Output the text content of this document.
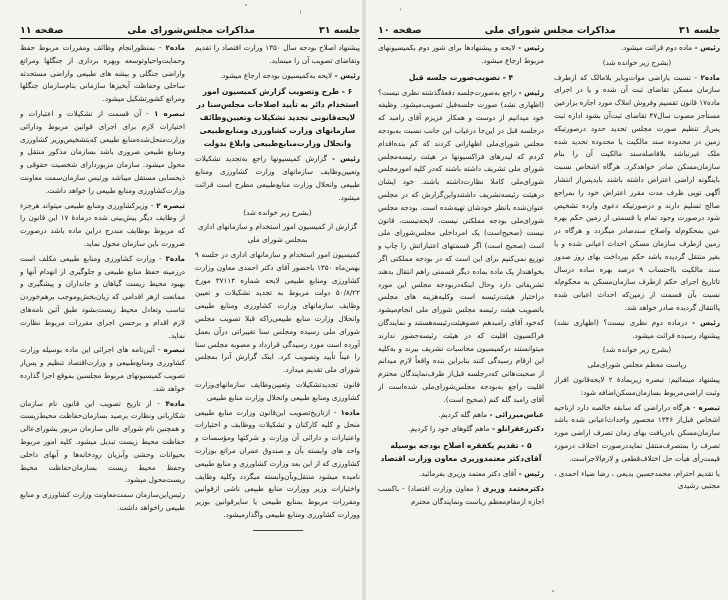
جلسه ۳۱
مذاکرات مجلس‌شورای ملی
صفحه ۱۱

پیشنهاد اصلاح بودجه سال ۱۳۵۰ وزارت اقتصاد را تقدیم وتقاضای تصویب آن را مینماید.

رئیس - لایحه به‌کمیسیون بودجه ارجاع میشود.

۶ - طرح وتصویب گزارش کمیسیون امور استخدام دائر به تأیید اصلاحات مجلس‌سنا در لایحه‌قانونی تجدید تشکیلات وتعیین‌وظائف سازمانهای وزارت کشاورزی ومنابع‌طبیعی وانحلال وزارت‌منابع‌طبیعی وابلاغ بدولت

رئیس - گزارش کمیسیونها راجع به‌تجدید تشکیلات وتعیین‌وظایف سازمانهای وزارت کشاورزی ومنابع طبیعی وانحلال وزارت منابع‌طبیعی مطرح است قرائت میشود.

(بشرح زیر خوانده شد)

گزارش از کمیسیون امور استخدام و سازمانهای اداری بمجلس شورای ملی

کمیسیون امور استخدام و سازمانهای اداری در جلسه ۹ بهمن‌ماه ۱۳۵۰ باحضور آقای دکتر احمدی معاون وزارت کشاورزی ومنابع طبیعی لایحه شماره ۳۷۱۱۴ مورخ ۵۰/۸/۲۲ دولت مربوط به تجدید تشکیلات و تعیین وظایف سازمانهای وزارت کشاورزی ومنابع طبیعی وانحلال وزارت منابع طبیعی‌راکه قبلا تصویب مجلس شورای ملی رسیده ومجلس سنا تغییراتی درآن بعمل آورده است مورد رسیدگی قرارداد و مصوبه مجلس سنا را عیناً تأیید وتصویب کرد. اینک گزارش آنرا بمجلس شورای ملی تقدیم میدارد.

قانون تجدیدتشکیلات وتعیین‌وظایف سازمانهای‌وزارت کشاورزی ومنابع طبیعی وانحلال وزارت منابع طبیعی

ماده۱ - ازتاریخ‌تصویب این‌قانون وزارت منابع طبیعی منحل و کلیه کارکنان و تشکیلات ووظایف و اختیارات واعتبارات و دارائی آن وزارت و شرکتها ومؤسسات و واحد های وابسته بآن و صندوق عمران مراتع بوزارت کشاورزی که از این بعد وزارت کشاورزی و منابع طبیعی نامیده میشود منتقل‌وبآن‌وابسته میگردد وکلیه وظایف واختیارات وزیر ووزارت منابع طبیعی ناشی ازقوانین ومقررات مربوط بمنابع طبیعی یا سایرقوانین بوزیر ووزارت کشاورزی ومنابع طبیعی واگذارمیشود.

ماده۲ - بمنظورانجام وظائف ومقررات مربوط حفظ وحمایت‌واحیاوتوسعه وبهره برداری از جنگلها ومراتع واراضی جنگلی و بیشه های طبیعی واراضی مستحدثه ساحلی وحفاظت آبخیزها سازمانی بنام‌سازمان جنگلها ومراتع کشورتشکیل میشود.

تبصره ۱ - آن قسمت از تشکیلات و اعتبارات و اختیارات لازم برای اجرای قوانین مربوط ودارائی وزارت‌منحل‌شده‌منابع طبیعی که‌بتشخیص‌وزیر کشاورزی ومنابع طبیعی ضروری باشد بسازمان مذکور منتقل و محول میشود. سازمان مزبوردارای شخصیت حقوقی و ذیحسابی مستقل میباشد ورئیس سازمان‌سمت معاونت وزارت‌کشاورزی ومنابع طبیعی را خواهد داشت.

تبصره ۲ - وزیرکشاورزی ومنابع طبیعی میتواند هرجزء از وظایف دیگر پیش‌بینی شده درمادهٔ ۱۷ این قانون را که مربوط بوظایف مندرج دراین ماده باشد درصورت ضرورت باین سازمان محول نماید.

ماده۳ - وزارت کشاورزی ومنابع طبیعی مکلف است درزمینه حفظ منابع طبیعی و جلوگیری از انهدام آنها و بهبود محیط زیست گیاهان و جانداران و پیشگیری و ممانعت ازهر اقدامی که زیان‌بخش‌وموجب برهم‌خوردن تناسب وتعادل محیط زیست‌بشود طبق آئین نامه‌های لازم اقدام و برحسن اجرای مقررات مربوط نظارت نماید.

تبصره - آئین‌نامه های اجرائی این ماده بوسیله وزارت کشاورزی ومنابع‌طبیعی و وزارت‌اقتصاد تنظیم و پس‌از تصویب کمیسیونهای مربوط مجلسین بموقع اجرا گذارده خواهد شد.

ماده۴ - از تاریخ تصویب این قانون نام سازمان شکاربانی ونظارت برصید بسازمان‌حفاظت محیط‌زیست و همچنین نام شورای عالی سازمان مزبور بشورای‌عالی حفاظت محیط زیست تبدیل میشود. کلیه امور مربوط بحیوانات وحشی وآبزیان رودخانه‌ها و آبهای داخلی وحفظ محیط زیست بسازمان‌حفاظت محیط زیست‌محول میشود.

رئیس‌این‌سازمان سمت‌معاونت وزارت کشاورزی و منابع طبیعی راخواهد داشت.

صفحه ۱۰	مذاکرات مجلس شورای ملی	جلسه ۳۱

رئیس - ماده دوم قرائت میشود.

(بشرح زیر خوانده شد)

ماده۲ - نسبت باراضی موات‌وبایر بلامالک که ازطرف سازمان مسکن تقاضای ثبت آن شده و یا در اجرای ماده۱۷ قانون تقسیم وفروش املاک مورد اجاره بزارعین مستأجر مصوب سال۴۷ تقاضای ثبت‌آن بشود اداره ثبت پس‌از تنظیم صورت مجلس تحدید حدود درصورتیکه زمین در محدوده سند مالکیت یا محدوده تحدید شده ملک غیرنباشد بلافاصله‌سند مالکیت آن را بنام سازمان‌مسکن صادر خواهدکرد. هرگاه اشخاص نسبت باینگونه اراضی اعتراض داشته باشند بایدپس‌از انتشار آگهی توپی ظرف مدت مقرر اعتراض خود را بمراجع صالح تسلیم دارند و درصورتیکه دعوی وارده تشخیص شود درصورت وجود تمام یا قسمتی از زمین حکم بهره عین بمحکوم‌له واصلاح سندصادر میگردد و هرگاه در زمین ازطرف سازمان مسکن احداث اعیانی شده و یا بغیر منتقل گردیده باشد حکم بپرداخت بهای روز صدور سند مالکیت بااحتساب ۹ درصد بهره ساده درسال تاتاریخ اجرای حکم ازطرف سازمان‌مسکن به محکوم‌له نسبت بآن قسمت از زمین‌که احداث اعیانی شده یاانتقال گردیده صادر خواهد شد.

رئیس - درماده دوم نظری نیست؟ (اظهاری نشد) پیشنهاد رسیده قرائت میشود.

(بشرح زیر خوانده شد)

ریاست معظم مجلس شورای‌ملی

پیشنهاد مینمائیم: تبصره زیربمادهٔ ۲ لایحه‌قانون افراز وثبت اراضی‌مربوط بسازمان‌مسکن‌اضافه شود:

تبصره - هرگاه دراراضی که سابقه خالصه دارد ازناحیه اشخاص قبل‌از ۱۳۴۶ محصور واحداث‌اعیانی شده باشد سازمان‌مسکن بادریافت بهای زمان تصرف اراضی مورد تصرف را بمتصرف‌منتقل نمایددرصورت اختلاف درمورد قیمت‌رأی هیأت حل اختلاف‌قطعی و لازم‌الاجراست.

با تقدیم احترام، محمدحسین بدیعی ، رضا ضیاء احمدی ، مجتبی رشیدی

رئیس - لایحه و پیشنهادها برای شور دوم بکمیسیونهای مربوط ارجاع میشود.

۴ - تصویب‌صورت جلسه قبل

رئیس - راجع به‌صورت‌جلسه دفعهٔ‌گذشته نظری نیست؟ (اظهاری نشد) صورت جلسه‌قبل تصویب‌میشود. وظیفه خود میدانیم از دوست و همکار عزیزم آقای رامبد که درجلسه قبل در این‌جا درغیاب این جانب نسبت به‌بودجه مجلس شورای‌ملی اظهاراتی کردند که کم بنده‌اقدام کردم که لیدرهای فراکسیونها در هیئت رئیسه‌مجلس شورای ملی تشریف داشته باشند که‌در کلیه امورمجلس شورای‌ملی کاملا نظارت‌داشته باشند. خود ایشان درهیئت رئیسه‌تشریف داشتند‌واین‌گزارش که در مجلس عنوان‌شده بانظر خودشان تهیه‌شده است. بودجه مجلس شورای‌ملی بودجه مملکتی نیست، لایحه‌نیست، قانون نیست (صحیح‌است) یک امرداخلی مجلس‌شورای ملی است (صحیح است) اگر قسمتهای اعتباراتش را چاپ و توزیع نمی‌کنیم برای این است که در بودجه مملکتی اگر بخواهند‌از یک ماده بماده دیگر قسمتی راهم انتقال بدهند تشریفاتی دارد وحال اینکه‌دربودجه مجلس این مورد دراختیار هیئت‌رئیسه است وکلیه‌هزینه های مجلس باتصویب هیئت رئیسه مجلس شورای ملی انجام‌میشود که‌خود آقای رامبدهم عضوهیئت‌رئیسه‌هستند و نمایندگان فراکسیون اقلیت که در هیئت رئیسه‌حضور ندارند میتوانستند درکمیسیون محاسبات تشریف بیرند و به‌کلیه این ارقام رسیدگی کنند بنابراین بنده واقعاً لازم میدانم از صحبت‌هائی که‌درجلسه قبل‌از طرف‌نمایندگان محترم اقلیت راجع به‌بودجه مجلس‌شورای‌ملی شده‌است از آقای رامبد گله کنم (صحیح است).

عباس‌میرزائی - ماهم گله کردیم.

دکترزعفرانلو - ماهم گلوهای خود را کردیم.

۵ - تقدیم یکفقره اصلاح بودجه بوسیله آقای‌دکتر معتمدوزیری معاون وزارت اقتصاد

رئیس - آقای دکتر معتمد وزیری بفرمائید.

دکترمعتمد وزیری ( معاون وزارت اقتصاد) - باکسب اجازه ازمقام‌معظم ریاست ونمایندگان محترم
